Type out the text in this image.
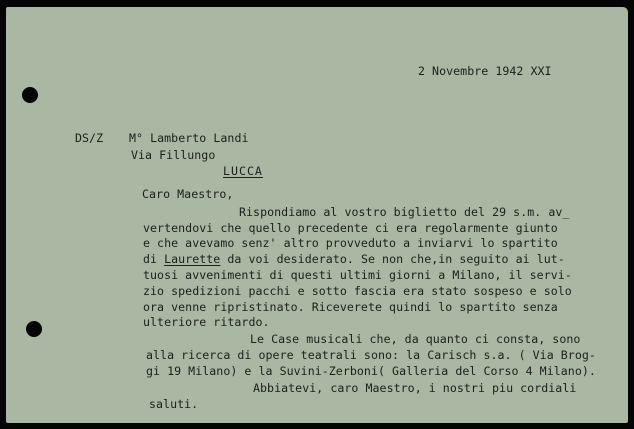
2 Novembre 1942 XXI
DS/Z M° Lamberto Landi
Via Fillungo
LUCCA
Caro Maestro,
Rispondiamo al vostro biglietto del 29 s.m. av_
vertendovi che quello precedente ci era regolarmente giunto
e che avevamo senz' altro provveduto a inviarvi lo spartito
di Laurette da voi desiderato. Se non che,in seguito ai lut-
tuosi avvenimenti di questi ultimi giorni a Milano, il servi-
zio spedizioni pacchi e sotto fascia era stato sospeso e solo
ora venne ripristinato. Riceverete quindi lo spartito senza
ulteriore ritardo.
Le Case musicali che, da quanto ci consta, sono
alla ricerca di opere teatrali sono: la Carisch s.a. ( Via Brog-
gi 19 Milano) e la Suvini-Zerboni( Galleria del Corso 4 Milano).
Abbiatevi, caro Maestro, i nostri piu cordiali
saluti.
